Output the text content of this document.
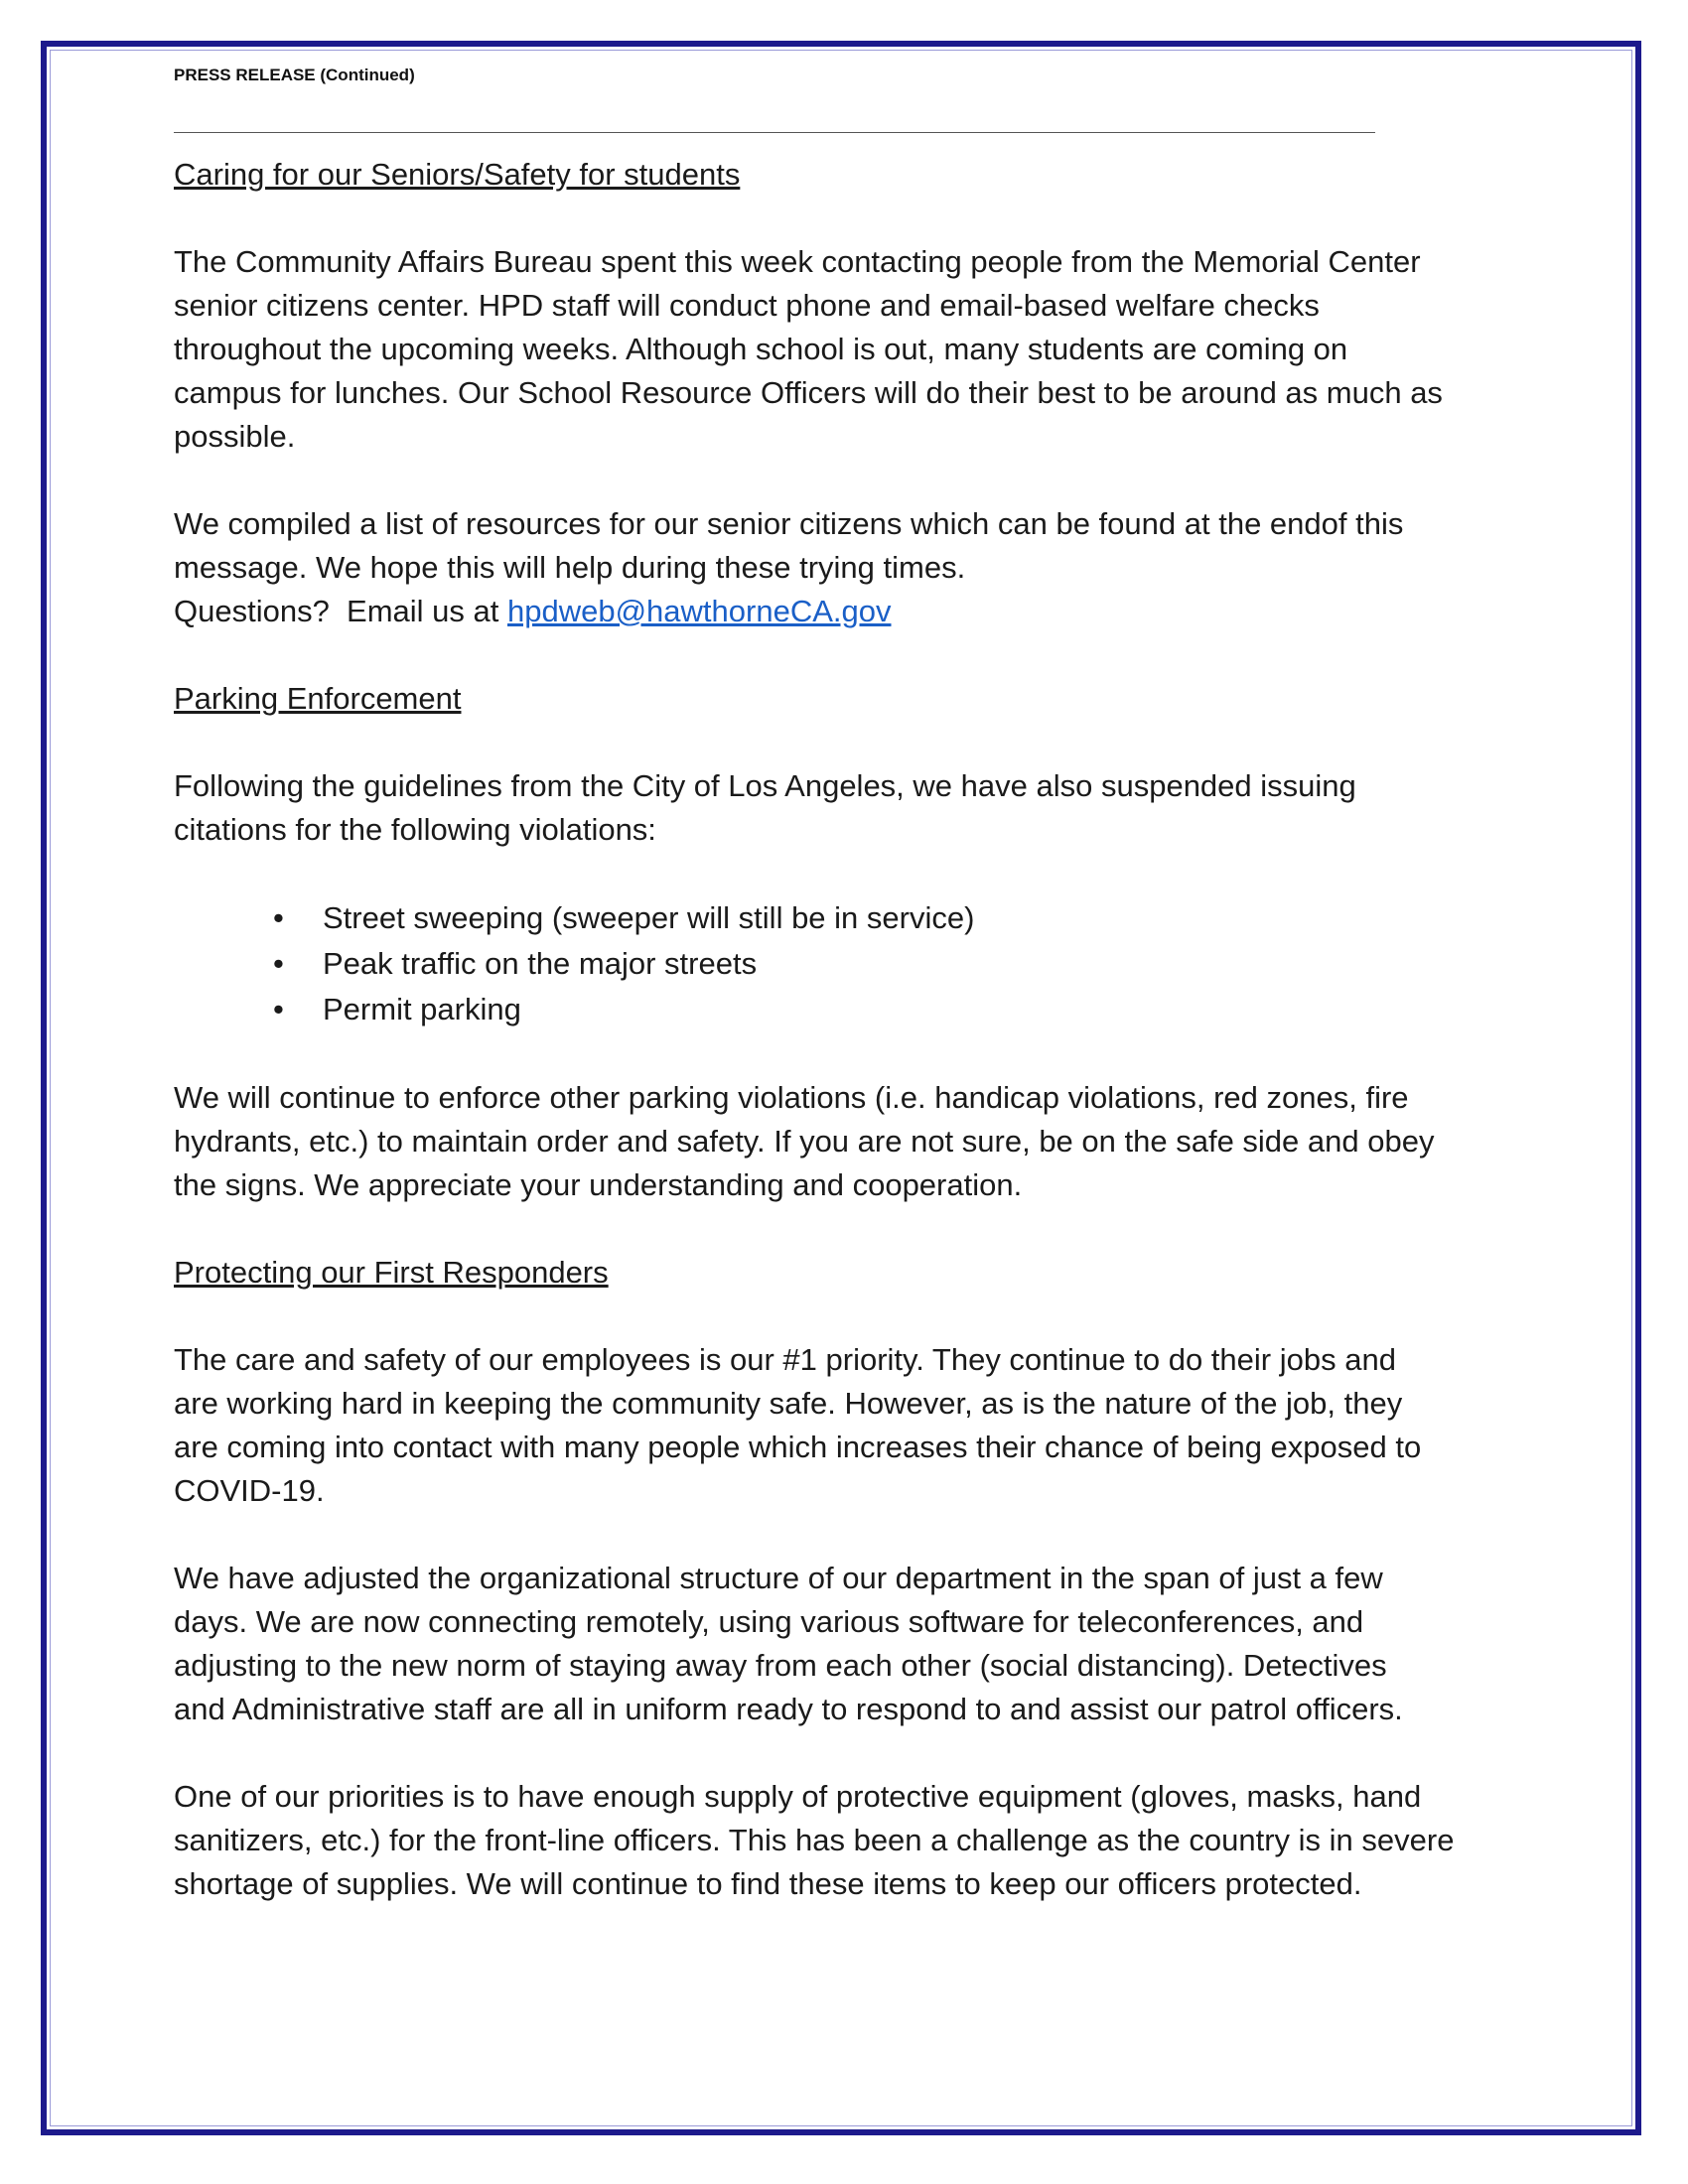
PRESS RELEASE (Continued)

Caring for our Seniors/Safety for students

The Community Affairs Bureau spent this week contacting people from the Memorial Center
senior citizens center. HPD staff will conduct phone and email-based welfare checks
throughout the upcoming weeks. Although school is out, many students are coming on
campus for lunches. Our School Resource Officers will do their best to be around as much as
possible.

We compiled a list of resources for our senior citizens which can be found at the endof this
message. We hope this will help during these trying times.
Questions?  Email us at hpdweb@hawthorneCA.gov

Parking Enforcement

Following the guidelines from the City of Los Angeles, we have also suspended issuing
citations for the following violations:

• Street sweeping (sweeper will still be in service)
• Peak traffic on the major streets
• Permit parking

We will continue to enforce other parking violations (i.e. handicap violations, red zones, fire
hydrants, etc.) to maintain order and safety. If you are not sure, be on the safe side and obey
the signs. We appreciate your understanding and cooperation.

Protecting our First Responders

The care and safety of our employees is our #1 priority. They continue to do their jobs and
are working hard in keeping the community safe. However, as is the nature of the job, they
are coming into contact with many people which increases their chance of being exposed to
COVID-19.

We have adjusted the organizational structure of our department in the span of just a few
days. We are now connecting remotely, using various software for teleconferences, and
adjusting to the new norm of staying away from each other (social distancing). Detectives
and Administrative staff are all in uniform ready to respond to and assist our patrol officers.

One of our priorities is to have enough supply of protective equipment (gloves, masks, hand
sanitizers, etc.) for the front-line officers. This has been a challenge as the country is in severe
shortage of supplies. We will continue to find these items to keep our officers protected.
